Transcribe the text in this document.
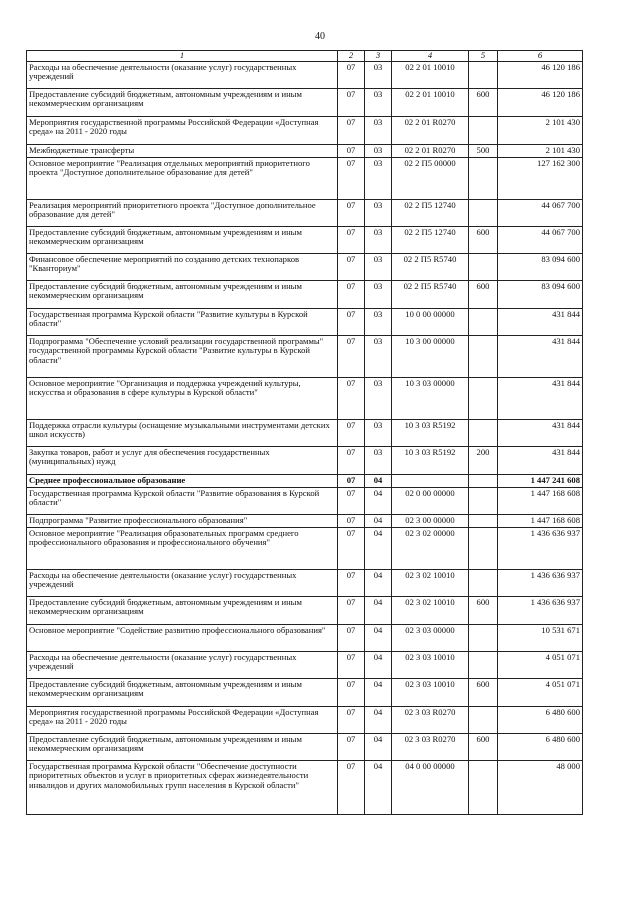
40
1	2	3	4	5	6
Расходы на обеспечение деятельности (оказание услуг) государственных учреждений	07	03	02 2 01 10010		46 120 186
Предоставление субсидий бюджетным, автономным учреждениям и иным некоммерческим организациям	07	03	02 2 01 10010	600	46 120 186
Мероприятия государственной программы Российской Федерации «Доступная среда» на 2011 - 2020 годы	07	03	02 2 01 R0270		2 101 430
Межбюджетные трансферты	07	03	02 2 01 R0270	500	2 101 430
Основное мероприятие "Реализация отдельных мероприятий приоритетного проекта "Доступное дополнительное образование для детей"	07	03	02 2 П5 00000		127 162 300
Реализация мероприятий приоритетного проекта "Доступное дополнительное образование для детей"	07	03	02 2 П5 12740		44 067 700
Предоставление субсидий бюджетным, автономным учреждениям и иным некоммерческим организациям	07	03	02 2 П5 12740	600	44 067 700
Финансовое обеспечение мероприятий по созданию детских технопарков "Кванториум"	07	03	02 2 П5 R5740		83 094 600
Предоставление субсидий бюджетным, автономным учреждениям и иным некоммерческим организациям	07	03	02 2 П5 R5740	600	83 094 600
Государственная программа Курской области "Развитие культуры в Курской области"	07	03	10 0 00 00000		431 844
Подпрограмма "Обеспечение условий реализации государственной программы" государственной программы Курской области "Развитие культуры в Курской области"	07	03	10 3 00 00000		431 844
Основное мероприятие "Организация и поддержка учреждений культуры, искусства и образования в сфере культуры в Курской области"	07	03	10 3 03 00000		431 844
Поддержка отрасли культуры (оснащение музыкальными инструментами детских школ искусств)	07	03	10 3 03 R5192		431 844
Закупка товаров, работ и услуг для обеспечения государственных (муниципальных) нужд	07	03	10 3 03 R5192	200	431 844
Среднее профессиональное образование	07	04			1 447 241 608
Государственная программа Курской области "Развитие образования в Курской области"	07	04	02 0 00 00000		1 447 168 608
Подпрограмма "Развитие профессионального образования"	07	04	02 3 00 00000		1 447 168 608
Основное мероприятие "Реализация образовательных программ среднего профессионального образования и профессионального обучения"	07	04	02 3 02 00000		1 436 636 937
Расходы на обеспечение деятельности (оказание услуг) государственных учреждений	07	04	02 3 02 10010		1 436 636 937
Предоставление субсидий бюджетным, автономным учреждениям и иным некоммерческим организациям	07	04	02 3 02 10010	600	1 436 636 937
Основное мероприятие "Содействие развитию профессионального образования"	07	04	02 3 03 00000		10 531 671
Расходы на обеспечение деятельности (оказание услуг) государственных учреждений	07	04	02 3 03 10010		4 051 071
Предоставление субсидий бюджетным, автономным учреждениям и иным некоммерческим организациям	07	04	02 3 03 10010	600	4 051 071
Мероприятия государственной программы Российской Федерации «Доступная среда» на 2011 - 2020 годы	07	04	02 3 03 R0270		6 480 600
Предоставление субсидий бюджетным, автономным учреждениям и иным некоммерческим организациям	07	04	02 3 03 R0270	600	6 480 600
Государственная программа Курской области "Обеспечение доступности приоритетных объектов и услуг в приоритетных сферах жизнедеятельности инвалидов и других маломобильных групп населения в Курской области"	07	04	04 0 00 00000		48 000
